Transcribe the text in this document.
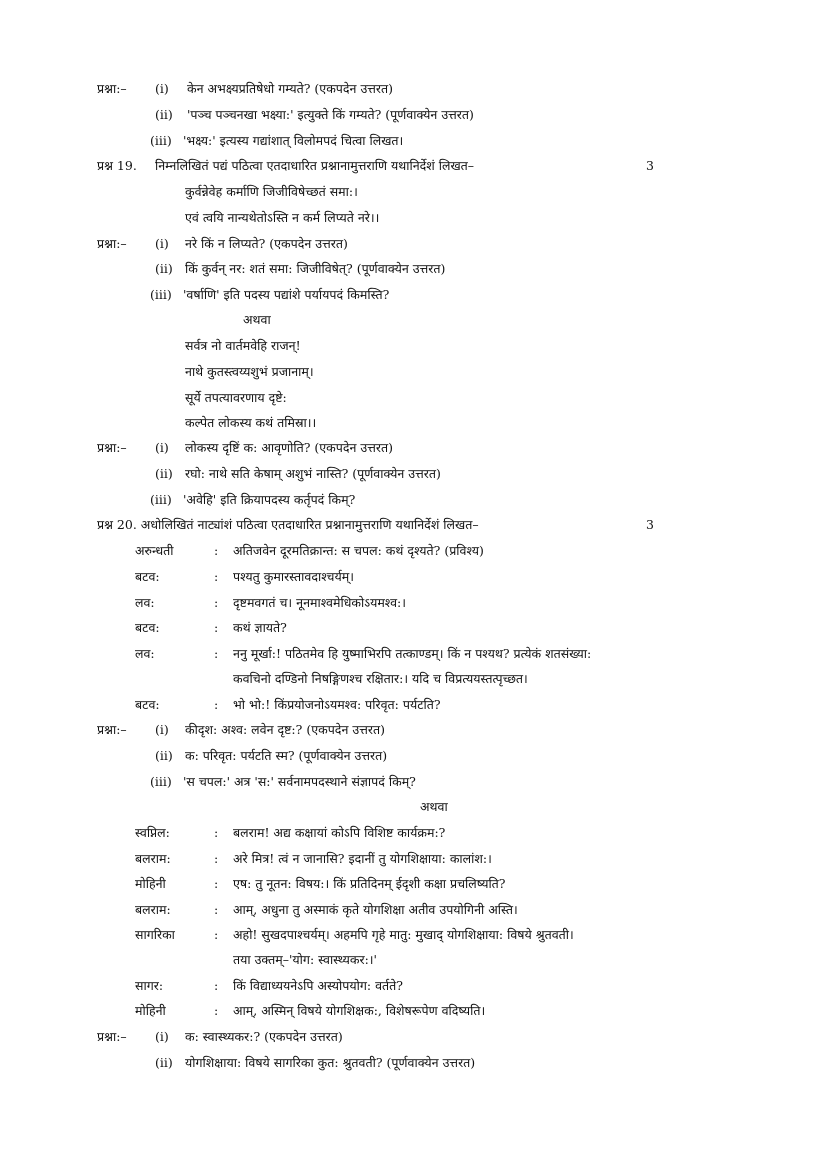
प्रश्ना:– (i) केन अभक्ष्यप्रतिषेधो गम्यते? (एकपदेन उत्तरत)
(ii) 'पञ्च पञ्चनखा भक्ष्या:' इत्युक्ते किं गम्यते? (पूर्णवाक्येन उत्तरत)
(iii) 'भक्ष्य:' इत्यस्य गद्यांशात् विलोमपदं चित्वा लिखत।
प्रश्न 19. निम्नलिखितं पद्यं पठित्वा एतदाधारित प्रश्नानामुत्तराणि यथानिर्देशं लिखत–	3
कुर्वन्नेवेह कर्माणि जिजीविषेच्छतं समा:।
एवं त्वयि नान्यथेतोऽस्ति न कर्म लिप्यते नरे।।
प्रश्ना:– (i) नरे किं न लिप्यते? (एकपदेन उत्तरत)
(ii) किं कुर्वन् नर: शतं समा: जिजीविषेत्? (पूर्णवाक्येन उत्तरत)
(iii) 'वर्षाणि' इति पदस्य पद्यांशे पर्यायपदं किमस्ति?
अथवा
सर्वत्र नो वार्तमवेहि राजन्!
नाथे कुतस्त्वय्यशुभं प्रजानाम्।
सूर्ये तपत्यावरणाय दृष्टे:
कल्पेत लोकस्य कथं तमिस्रा।।
प्रश्ना:– (i) लोकस्य दृष्टिं क: आवृणोति? (एकपदेन उत्तरत)
(ii) रघो: नाथे सति केषाम् अशुभं नास्ति? (पूर्णवाक्येन उत्तरत)
(iii) 'अवेहि' इति क्रियापदस्य कर्तृपदं किम्?
प्रश्न 20. अधोलिखितं नाट्यांशं पठित्वा एतदाधारित प्रश्नानामुत्तराणि यथानिर्देशं लिखत–	3
अरुन्धती	: अतिजवेन दूरमतिक्रान्त: स चपल: कथं दृश्यते? (प्रविश्य)
बटव:	: पश्यतु कुमारस्तावदाश्चर्यम्।
लव:	: दृष्टमवगतं च। नूनमाश्वमेधिकोऽयमश्व:।
बटव:	: कथं ज्ञायते?
लव:	: ननु मूर्खा:! पठितमेव हि युष्माभिरपि तत्काण्डम्। किं न पश्यथ? प्रत्येकं शतसंख्या:
कवचिनो दण्डिनो निषङ्गिणश्च रक्षितार:। यदि च विप्रत्ययस्तत्पृच्छत।
बटव:	: भो भो:! किंप्रयोजनोऽयमश्व: परिवृत: पर्यटति?
प्रश्ना:– (i) कीदृश: अश्व: लवेन दृष्ट:? (एकपदेन उत्तरत)
(ii) क: परिवृत: पर्यटति स्म? (पूर्णवाक्येन उत्तरत)
(iii) 'स चपल:' अत्र 'स:' सर्वनामपदस्थाने संज्ञापदं किम्?
अथवा
स्वप्निल:	: बलराम! अद्य कक्षायां कोऽपि विशिष्ट कार्यक्रम:?
बलराम:	: अरे मित्र! त्वं न जानासि? इदानीं तु योगशिक्षाया: कालांश:।
मोहिनी	: एष: तु नूतन: विषय:। किं प्रतिदिनम् ईदृशी कक्षा प्रचलिष्यति?
बलराम:	: आम्, अधुना तु अस्माकं कृते योगशिक्षा अतीव उपयोगिनी अस्ति।
सागरिका	: अहो! सुखदपाश्चर्यम्। अहमपि गृहे मातु: मुखाद् योगशिक्षाया: विषये श्रुतवती।
तया उक्तम्–'योग: स्वास्थ्यकर:।'
सागर:	: किं विद्याध्ययनेऽपि अस्योपयोग: वर्तते?
मोहिनी	: आम्, अस्मिन् विषये योगशिक्षक:, विशेषरूपेण वदिष्यति।
प्रश्ना:– (i) क: स्वास्थ्यकर:? (एकपदेन उत्तरत)
(ii) योगशिक्षाया: विषये सागरिका कुत: श्रुतवती? (पूर्णवाक्येन उत्तरत)
